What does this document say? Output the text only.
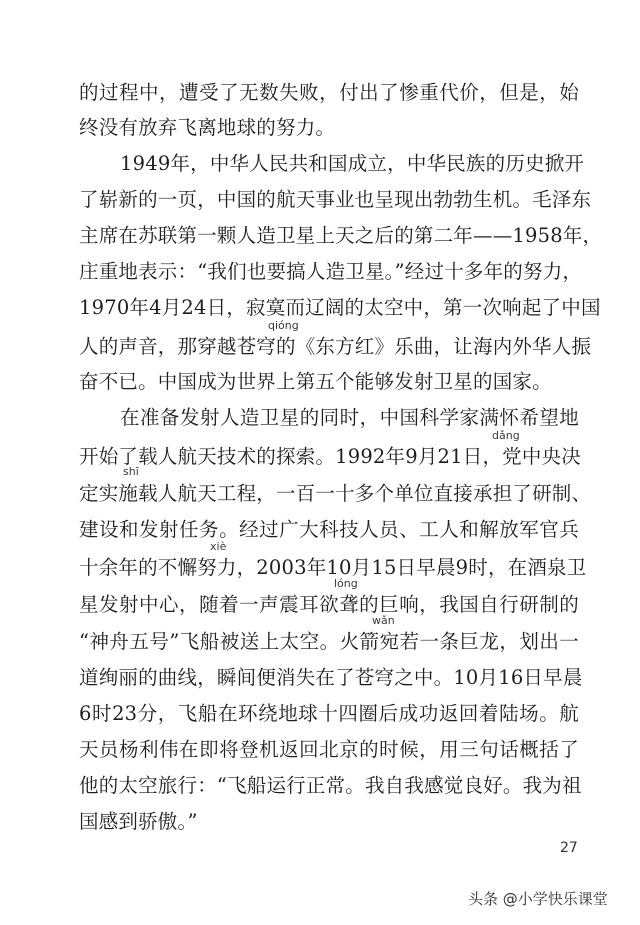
的过程中，遭受了无数失败，付出了惨重代价，但是，始
终没有放弃飞离地球的努力。
1949年，中华人民共和国成立，中华民族的历史掀开
了崭新的一页，中国的航天事业也呈现出勃勃生机。毛泽东
主席在苏联第一颗人造卫星上天之后的第二年——1958年，
庄重地表示：“我们也要搞人造卫星。”经过十多年的努力，
1970年4月24日，寂寞而辽阔的太空中，第一次响起了中国
qióng
人的声音，那穿越苍穹的《东方红》乐曲，让海内外华人振
奋不已。中国成为世界上第五个能够发射卫星的国家。
在准备发射人造卫星的同时，中国科学家满怀希望地
dǎng
开始了载人航天技术的探索。1992年9月21日，党中央决
shī
定实施载人航天工程，一百一十多个单位直接承担了研制、
建设和发射任务。经过广大科技人员、工人和解放军官兵
xiè
十余年的不懈努力，2003年10月15日早晨9时，在酒泉卫
lóng
星发射中心，随着一声震耳欲聋的巨响，我国自行研制的
wǎn
“神舟五号”飞船被送上太空。火箭宛若一条巨龙，划出一
道绚丽的曲线，瞬间便消失在了苍穹之中。10月16日早晨
6时23分，飞船在环绕地球十四圈后成功返回着陆场。航
天员杨利伟在即将登机返回北京的时候，用三句话概括了
他的太空旅行：“飞船运行正常。我自我感觉良好。我为祖
国感到骄傲。”
27
头条 @小学快乐课堂
